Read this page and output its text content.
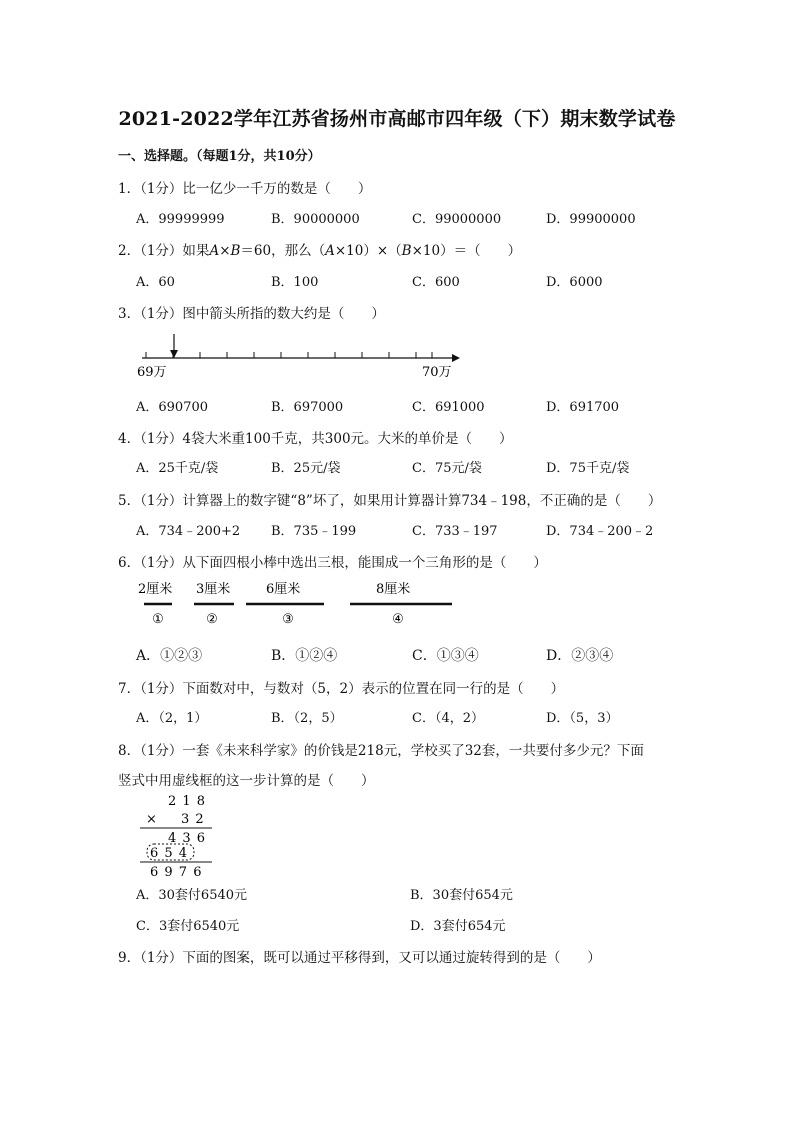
2021-2022学年江苏省扬州市高邮市四年级（下）期末数学试卷
一、选择题。（每题1分，共10分）
1．（1分）比一亿少一千万的数是（　　）
A．99999999	B．90000000	C．99000000	D．99900000
2．（1分）如果A×B＝60，那么（A×10）×（B×10）＝（　　）
A．60	B．100	C．600	D．6000
3．（1分）图中箭头所指的数大约是（　　）
69万	70万
A．690700	B．697000	C．691000	D．691700
4．（1分）4袋大米重100千克，共300元。大米的单价是（　　）
A．25千克/袋	B．25元/袋	C．75元/袋	D．75千克/袋
5．（1分）计算器上的数字键“8”坏了，如果用计算器计算734﹣198，不正确的是（　　）
A．734﹣200+2 B．735﹣199	C．733﹣197	D．734﹣200﹣2
6．（1分）从下面四根小棒中选出三根，能围成一个三角形的是（　　）
2厘米
①
3厘米
②
6厘米
③
8厘米
④
A．①②③	B．①②④	C．①③④	D．②③④
7．（1分）下面数对中，与数对（5，2）表示的位置在同一行的是（　　）
A．（2，1）	B．（2，5）	C．（4，2）	D．（5，3）
8．（1分）一套《未来科学家》的价钱是218元，学校买了32套，一共要付多少元？下面
竖式中用虚线框的这一步计算的是（　　）
2 1 8
× 3 2
4 3 6
6 5 4
6 9 7 6
A．30套付6540元	B．30套付654元
C．3套付6540元	D．3套付654元
9．（1分）下面的图案，既可以通过平移得到，又可以通过旋转得到的是（　　）
